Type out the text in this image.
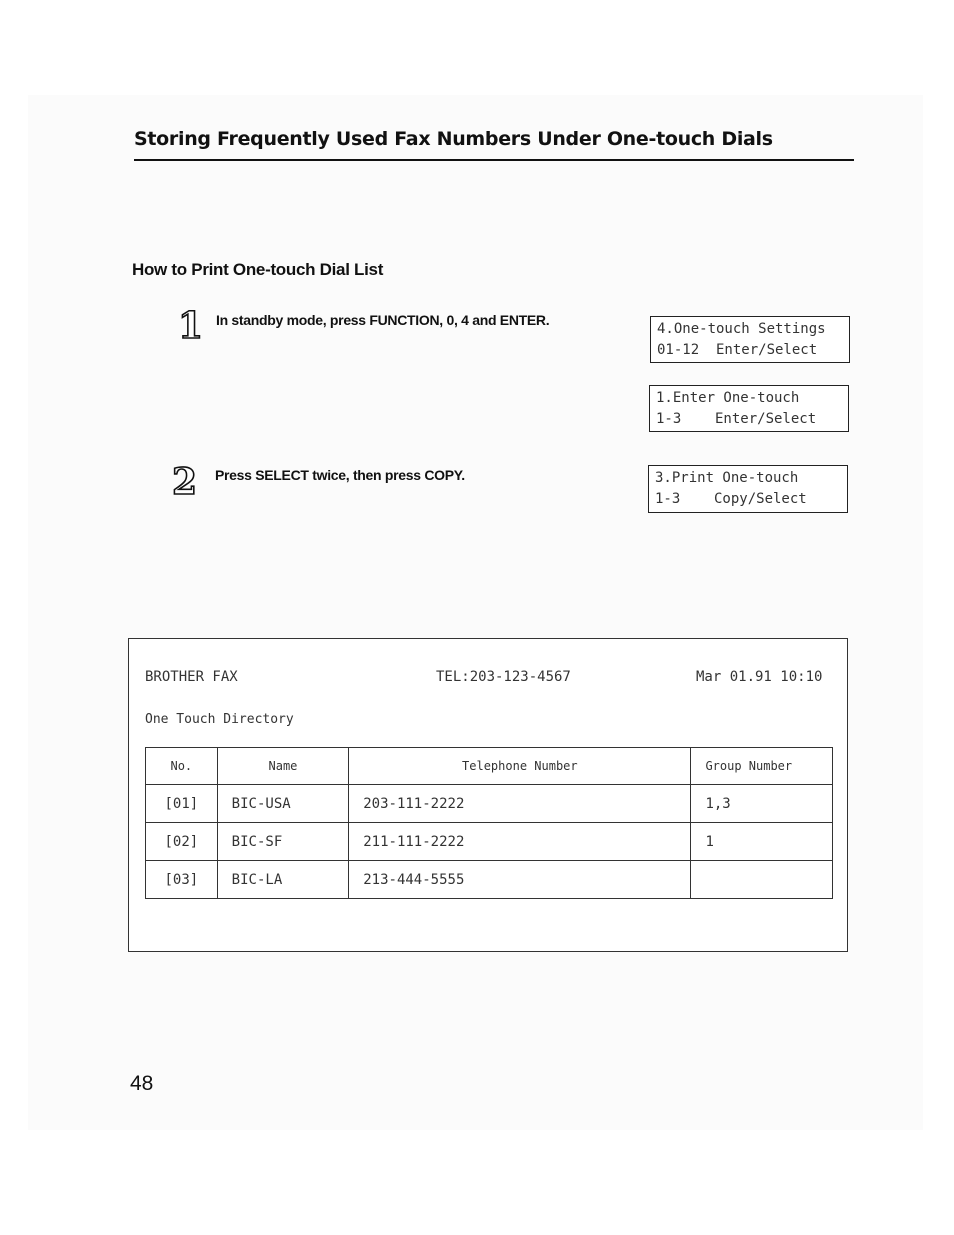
Storing Frequently Used Fax Numbers Under One-touch Dials
How to Print One-touch Dial List
1 In standby mode, press FUNCTION, 0, 4 and ENTER.
4.One-touch Settings
01-12  Enter/Select
1.Enter One-touch
1-3    Enter/Select
2 Press SELECT twice, then press COPY.	3.Print One-touch
1-3    Copy/Select
BROTHER FAX	TEL:203-123-4567	Mar 01.91 10:10
One Touch Directory
No.	Name	Telephone Number	Group Number
[01]	BIC-USA	203-111-2222	1,3
[02]	BIC-SF	211-111-2222	1
[03]	BIC-LA	213-444-5555	
48
